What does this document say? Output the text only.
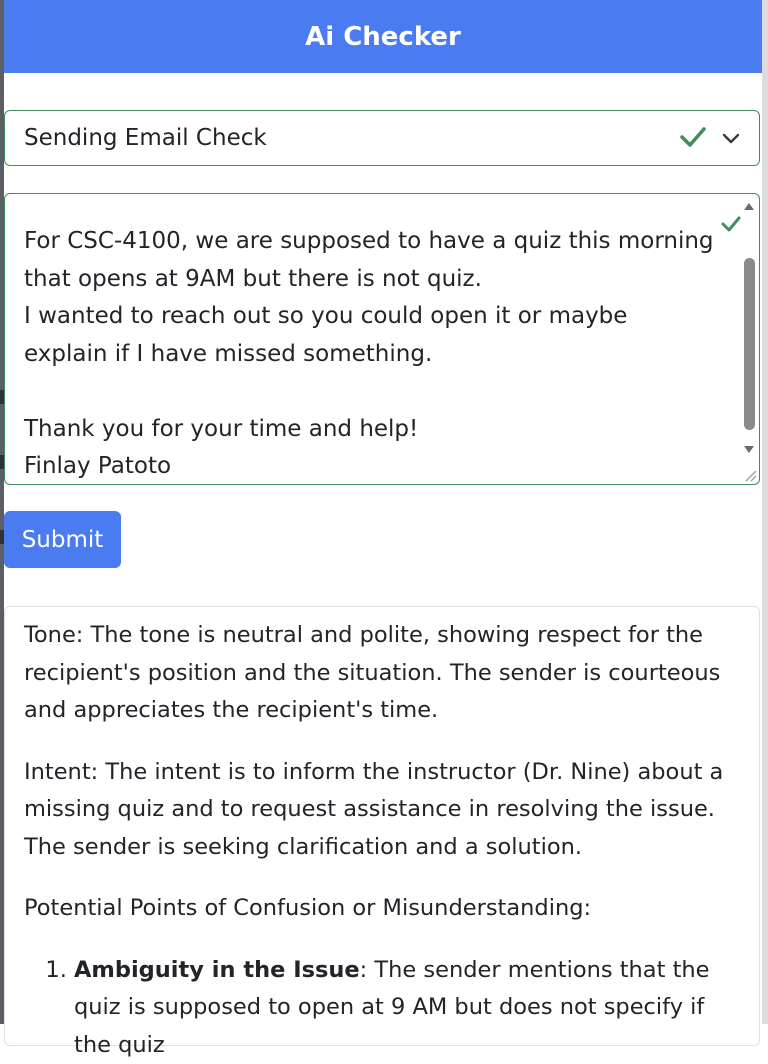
Ai Checker
Sending Email Check
For CSC-4100, we are supposed to have a quiz this morning
that opens at 9AM but there is not quiz.
I wanted to reach out so you could open it or maybe
explain if I have missed something.

Thank you for your time and help!
Finlay Patoto
Submit

Tone: The tone is neutral and polite, showing respect for the recipient's position and the situation. The sender is courteous and appreciates the recipient's time.

Intent: The intent is to inform the instructor (Dr. Nine) about a missing quiz and to request assistance in resolving the issue. The sender is seeking clarification and a solution.

Potential Points of Confusion or Misunderstanding:

1. Ambiguity in the Issue: The sender mentions that the quiz is supposed to open at 9 AM but does not specify if the quiz
